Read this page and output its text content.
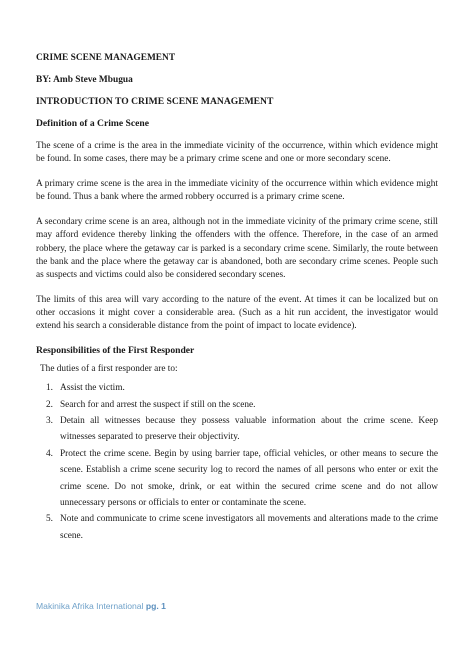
CRIME SCENE MANAGEMENT

BY: Amb Steve Mbugua

INTRODUCTION TO CRIME SCENE MANAGEMENT

Definition of a Crime Scene

The scene of a crime is the area in the immediate vicinity of the occurrence, within which evidence might be found. In some cases, there may be a primary crime scene and one or more secondary scene.

A primary crime scene is the area in the immediate vicinity of the occurrence within which evidence might be found. Thus a bank where the armed robbery occurred is a primary crime scene.

A secondary crime scene is an area, although not in the immediate vicinity of the primary crime scene, still may afford evidence thereby linking the offenders with the offence. Therefore, in the case of an armed robbery, the place where the getaway car is parked is a secondary crime scene. Similarly, the route between the bank and the place where the getaway car is abandoned, both are secondary crime scenes. People such as suspects and victims could also be considered secondary scenes.

The limits of this area will vary according to the nature of the event. At times it can be localized but on other occasions it might cover a considerable area. (Such as a hit run accident, the investigator would extend his search a considerable distance from the point of impact to locate evidence).

Responsibilities of the First Responder

The duties of a first responder are to:

1. Assist the victim.
2. Search for and arrest the suspect if still on the scene.
3. Detain all witnesses because they possess valuable information about the crime scene. Keep witnesses separated to preserve their objectivity.
4. Protect the crime scene. Begin by using barrier tape, official vehicles, or other means to secure the scene. Establish a crime scene security log to record the names of all persons who enter or exit the crime scene. Do not smoke, drink, or eat within the secured crime scene and do not allow unnecessary persons or officials to enter or contaminate the scene.
5. Note and communicate to crime scene investigators all movements and alterations made to the crime scene.
Makinika Afrika International pg. 1
